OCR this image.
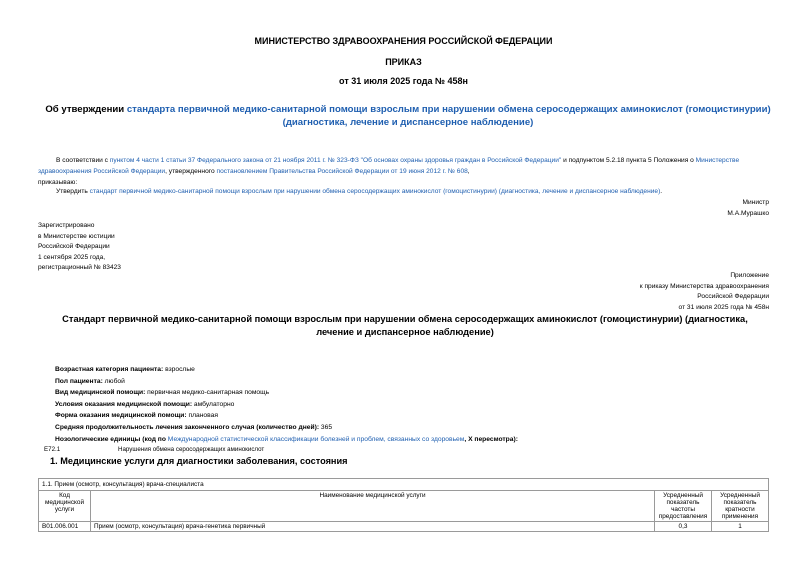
МИНИСТЕРСТВО ЗДРАВООХРАНЕНИЯ РОССИЙСКОЙ ФЕДЕРАЦИИ
ПРИКАЗ
от 31 июля 2025 года № 458н
Об утверждении стандарта первичной медико-санитарной помощи взрослым при нарушении обмена серосодержащих аминокислот (гомоцистинурии) (диагностика, лечение и диспансерное наблюдение)
В соответствии с пунктом 4 части 1 статьи 37 Федерального закона от 21 ноября 2011 г. № 323-ФЗ "Об основах охраны здоровья граждан в Российской Федерации" и подпунктом 5.2.18 пункта 5 Положения о Министерстве здравоохранения Российской Федерации, утвержденного постановлением Правительства Российской Федерации от 19 июня 2012 г. № 608,
приказываю:
Утвердить стандарт первичной медико-санитарной помощи взрослым при нарушении обмена серосодержащих аминокислот (гомоцистинурии) (диагностика, лечение и диспансерное наблюдение).
Министр
М.А.Мурашко
Зарегистрировано
в Министерстве юстиции
Российской Федерации
1 сентября 2025 года,
регистрационный № 83423
Приложение
к приказу Министерства здравоохранения
Российской Федерации
от 31 июля 2025 года № 458н
Стандарт первичной медико-санитарной помощи взрослым при нарушении обмена серосодержащих аминокислот (гомоцистинурии) (диагностика, лечение и диспансерное наблюдение)
Возрастная категория пациента: взрослые
Пол пациента: любой
Вид медицинской помощи: первичная медико-санитарная помощь
Условия оказания медицинской помощи: амбулаторно
Форма оказания медицинской помощи: плановая
Средняя продолжительность лечения законченного случая (количество дней): 365
Нозологические единицы (код по Международной статистической классификации болезней и проблем, связанных со здоровьем, X пересмотра):
E72.1	Нарушения обмена серосодержащих аминокислот
1. Медицинские услуги для диагностики заболевания, состояния
1.1. Прием (осмотр, консультация) врача-специалиста			
Код медицинской услуги	Наименование медицинской услуги	Усредненный показатель частоты предоставления	Усредненный показатель кратности применения
B01.006.001	Прием (осмотр, консультация) врача-генетика первичный	0,3	1
